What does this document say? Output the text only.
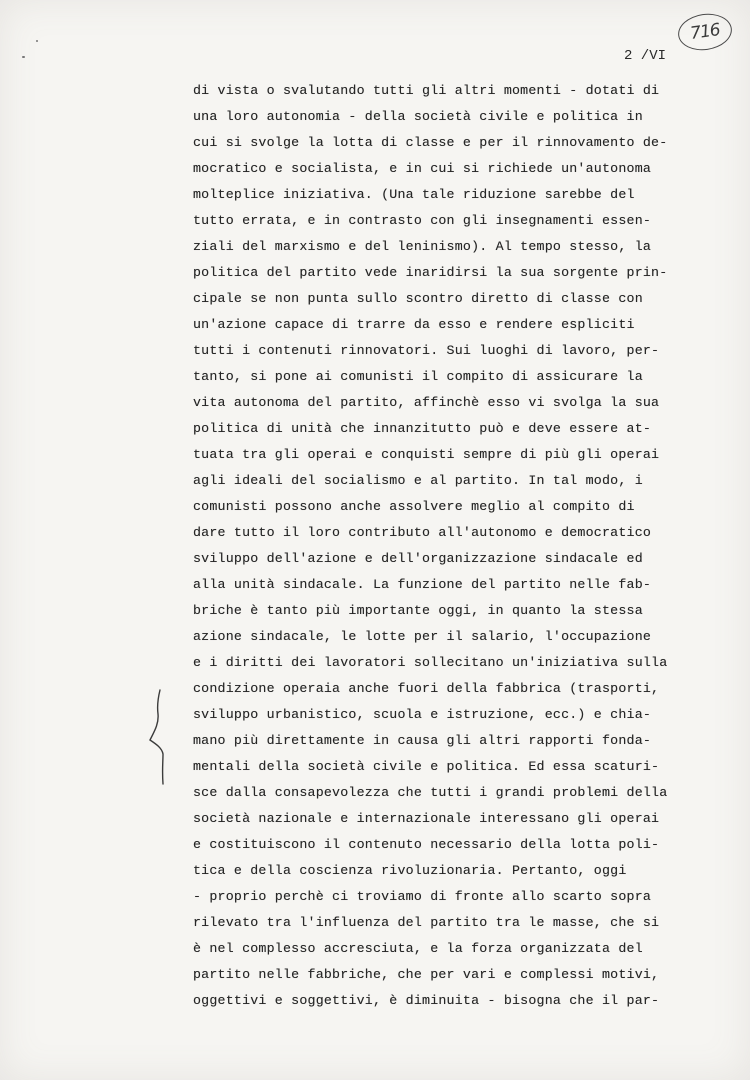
716
2 /VI
di vista o svalutando tutti gli altri momenti - dotati di
una loro autonomia - della società civile e politica in
cui si svolge la lotta di classe e per il rinnovamento de-
mocratico e socialista, e in cui si richiede un'autonoma
molteplice iniziativa. (Una tale riduzione sarebbe del
tutto errata, e in contrasto con gli insegnamenti essen-
ziali del marxismo e del leninismo). Al tempo stesso, la
politica del partito vede inaridirsi la sua sorgente prin-
cipale se non punta sullo scontro diretto di classe con
un'azione capace di trarre da esso e rendere espliciti
tutti i contenuti rinnovatori. Sui luoghi di lavoro, per-
tanto, si pone ai comunisti il compito di assicurare la
vita autonoma del partito, affinchè esso vi svolga la sua
politica di unità che innanzitutto può e deve essere at-
tuata tra gli operai e conquisti sempre di più gli operai
agli ideali del socialismo e al partito. In tal modo, i
comunisti possono anche assolvere meglio al compito di
dare tutto il loro contributo all'autonomo e democratico
sviluppo dell'azione e dell'organizzazione sindacale ed
alla unità sindacale. La funzione del partito nelle fab-
briche è tanto più importante oggi, in quanto la stessa
azione sindacale, le lotte per il salario, l'occupazione
e i diritti dei lavoratori sollecitano un'iniziativa sulla
condizione operaia anche fuori della fabbrica (trasporti,
sviluppo urbanistico, scuola e istruzione, ecc.) e chia-
mano più direttamente in causa gli altri rapporti fonda-
mentali della società civile e politica. Ed essa scaturi-
sce dalla consapevolezza che tutti i grandi problemi della
società nazionale e internazionale interessano gli operai
e costituiscono il contenuto necessario della lotta poli-
tica e della coscienza rivoluzionaria. Pertanto, oggi
- proprio perchè ci troviamo di fronte allo scarto sopra
rilevato tra l'influenza del partito tra le masse, che si
è nel complesso accresciuta, e la forza organizzata del
partito nelle fabbriche, che per vari e complessi motivi,
oggettivi e soggettivi, è diminuita - bisogna che il par-
